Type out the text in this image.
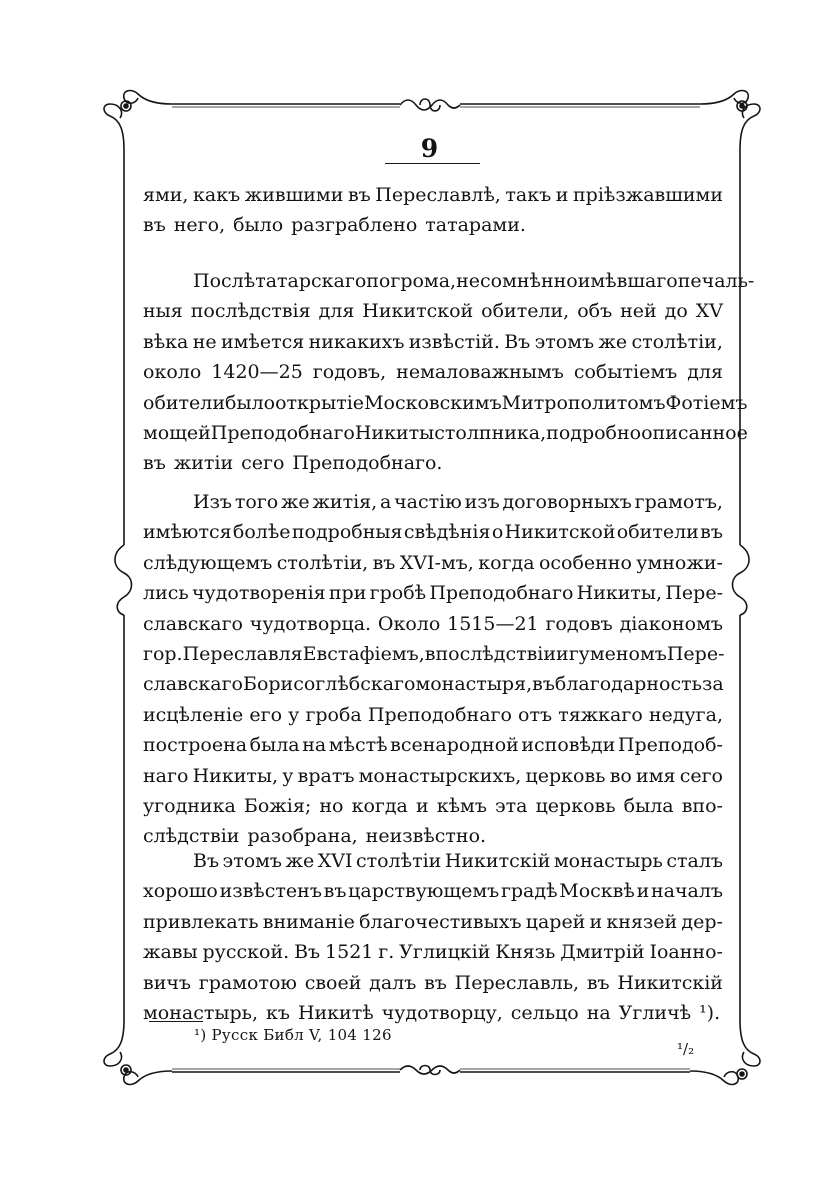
9
ями, какъ жившими въ Переславлѣ, такъ и пріѣзжавшими
въ него, было разграблено татарами.
Послѣ татарскаго погрома, несомнѣнно имѣвшаго печаль-
ныя послѣдствія для Никитской обители, объ ней до XV
вѣка не имѣется никакихъ извѣстій. Въ этомъ же столѣтіи,
около 1420—25 годовъ, немаловажнымъ событіемъ для
обители было открытіе Московскимъ Митрополитомъ Фотіемъ
мощей Преподобнаго Никиты столпника, подробно описанное
въ житіи сего Преподобнаго.
Изъ того же житія, а частію изъ договорныхъ грамотъ,
имѣются болѣе подробныя свѣдѣнія о Никитской обители въ
слѣдующемъ столѣтіи, въ XVI-мъ, когда особенно умножи-
лись чудотворенія при гробѣ Преподобнаго Никиты, Пере-
славскаго чудотворца. Около 1515—21 годовъ діакономъ
гор. Переславля Евстафіемъ, впослѣдствіи игуменомъ Пере-
славскаго Борисоглѣбскаго монастыря, въ благодарность за
исцѣленіе его у гроба Преподобнаго отъ тяжкаго недуга,
построена была на мѣстѣ всенародной исповѣди Преподоб-
наго Никиты, у вратъ монастырскихъ, церковь во имя сего
угодника Божія; но когда и кѣмъ эта церковь была впо-
слѣдствіи разобрана, неизвѣстно.
Въ этомъ же XVI столѣтіи Никитскій монастырь сталъ
хорошо извѣстенъ въ царствующемъ градѣ Москвѣ и началъ
привлекать вниманіе благочестивыхъ царей и князей дер-
жавы русской. Въ 1521 г. Углицкій Князь Дмитрій Іоанно-
вичъ грамотою своей далъ въ Переславль, въ Никитскій
монастырь, къ Никитѣ чудотворцу, сельцо на Угличѣ ¹).
¹) Русск Библ V, 104 126
¹/₂
